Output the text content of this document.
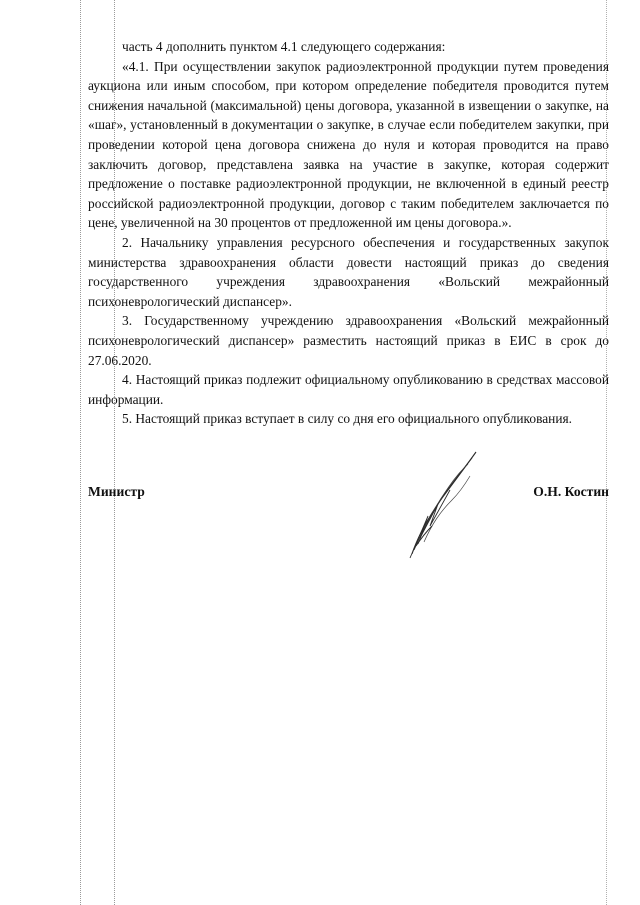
часть 4 дополнить пунктом 4.1 следующего содержания:

«4.1. При осуществлении закупок радиоэлектронной продукции путем проведения аукциона или иным способом, при котором определение победителя проводится путем снижения начальной (максимальной) цены договора, указанной в извещении о закупке, на «шаг», установленный в документации о закупке, в случае если победителем закупки, при проведении которой цена договора снижена до нуля и которая проводится на право заключить договор, представлена заявка на участие в закупке, которая содержит предложение о поставке радиоэлектронной продукции, не включенной в единый реестр российской радиоэлектронной продукции, договор с таким победителем заключается по цене, увеличенной на 30 процентов от предложенной им цены договора.».

2. Начальнику управления ресурсного обеспечения и государственных закупок министерства здравоохранения области довести настоящий приказ до сведения государственного учреждения здравоохранения «Вольский межрайонный психоневрологический диспансер».

3. Государственному учреждению здравоохранения «Вольский межрайонный психоневрологический диспансер» разместить настоящий приказ в ЕИС в срок до 27.06.2020.

4. Настоящий приказ подлежит официальному опубликованию в средствах массовой информации.

5. Настоящий приказ вступает в силу со дня его официального опубликования.

Министр	О.Н. Костин
